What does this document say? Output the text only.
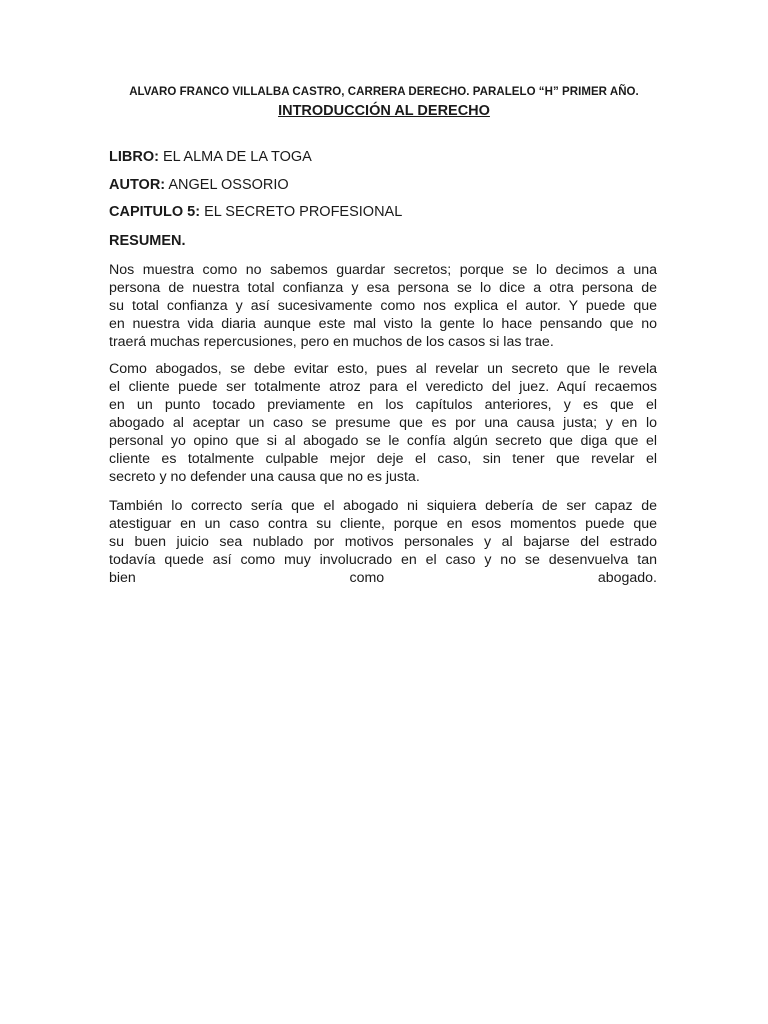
ALVARO FRANCO VILLALBA CASTRO, CARRERA DERECHO. PARALELO “H” PRIMER AÑO.
INTRODUCCIÓN AL DERECHO
LIBRO: EL ALMA DE LA TOGA
AUTOR: ANGEL OSSORIO
CAPITULO 5: EL SECRETO PROFESIONAL
RESUMEN.
Nos muestra como no sabemos guardar secretos; porque se lo decimos a una
persona de nuestra total confianza y esa persona se lo dice a otra persona de
su total confianza y así sucesivamente como nos explica el autor. Y puede que
en nuestra vida diaria aunque este mal visto la gente lo hace pensando que no
traerá muchas repercusiones, pero en muchos de los casos si las trae.
Como abogados, se debe evitar esto, pues al revelar un secreto que le revela
el cliente puede ser totalmente atroz para el veredicto del juez. Aquí recaemos
en un punto tocado previamente en los capítulos anteriores, y es que el
abogado al aceptar un caso se presume que es por una causa justa; y en lo
personal yo opino que si al abogado se le confía algún secreto que diga que el
cliente es totalmente culpable mejor deje el caso, sin tener que revelar el
secreto y no defender una causa que no es justa.
También lo correcto sería que el abogado ni siquiera debería de ser capaz de
atestiguar en un caso contra su cliente, porque en esos momentos puede que
su buen juicio sea nublado por motivos personales y al bajarse del estrado
todavía quede así como muy involucrado en el caso y no se desenvuelva tan
bien como abogado.
